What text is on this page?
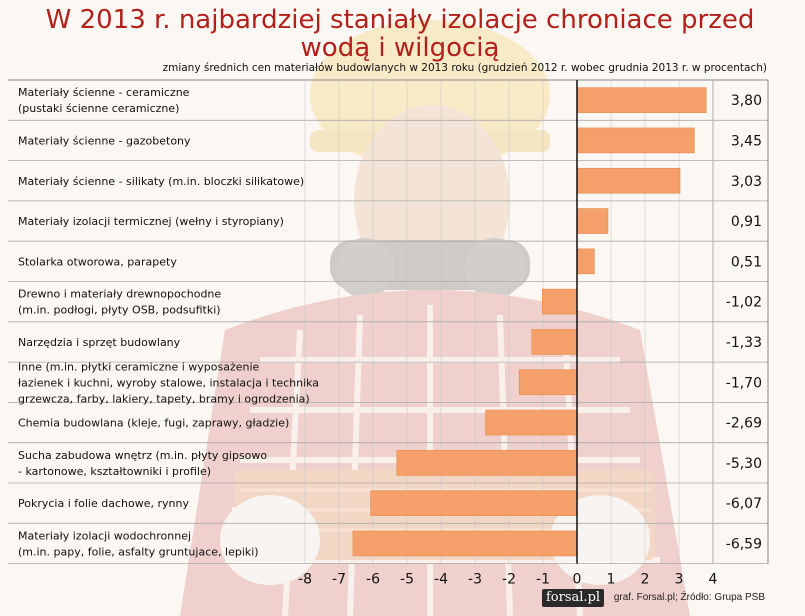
W 2013 r. najbardziej staniały izolacje chroniace przed
wodą i wilgocią
zmiany średnich cen materiałów budowlanych w 2013 roku (grudzień 2012 r. wobec grudnia 2013 r. w procentach)
Materiały ścienne - ceramiczne
(pustaki ścienne ceramiczne)	3,80
Materiały ścienne - gazobetony	3,45
Materiały ścienne - silikaty (m.in. bloczki silikatowe)	3,03
Materiały izolacji termicznej (wełny i styropiany)	0,91
Stolarka otworowa, parapety	0,51
Drewno i materiały drewnopochodne
(m.in. podłogi, płyty OSB, podsufitki)	-1,02
Narzędzia i sprzęt budowlany	-1,33
Inne (m.in. płytki ceramiczne i wyposażenie
łazienek i kuchni, wyroby stalowe, instalacja i technika
grzewcza, farby, lakiery, tapety, bramy i ogrodzenia)
-1,70
Chemia budowlana (kleje, fugi, zaprawy, gładzie)	-2,69
Sucha zabudowa wnętrz (m.in. płyty gipsowo
- kartonowe, kształtowniki i profile)	-5,30
Pokrycia i folie dachowe, rynny	-6,07
Materiały izolacji wodochronnej
(m.in. papy, folie, asfalty gruntujace, lepiki)	-6,59
-8 -7 -6 -5 -4 -3 -2 -1 0 1 2 3 4
forsal.pl	graf. Forsal.pl; Źródło: Grupa PSB
